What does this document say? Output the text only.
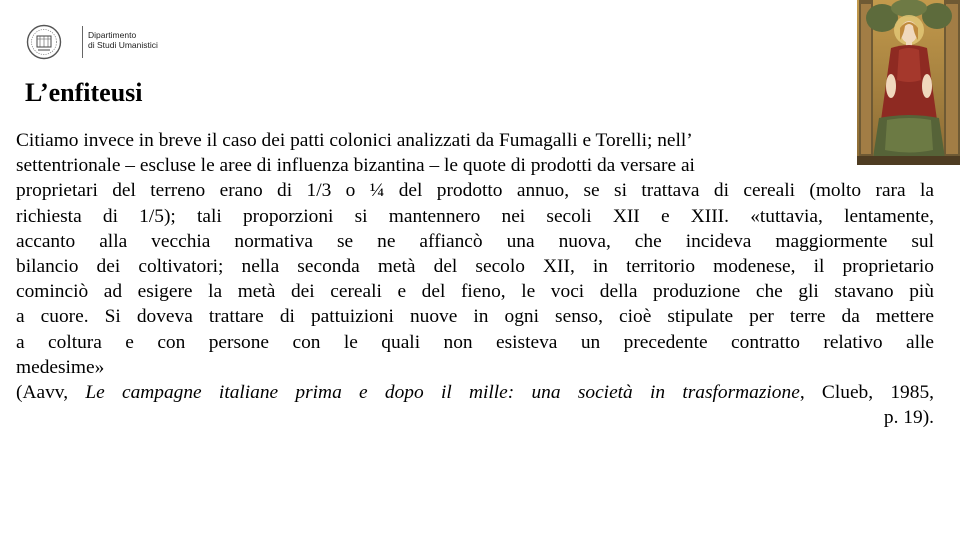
Dipartimento
di Studi Umanistici
L’enfiteusi
Citiamo invece in breve il caso dei patti colonici analizzati da Fumagalli e Torelli; nell’
settentrionale – escluse le aree di influenza bizantina – le quote di prodotti da versare ai
proprietari del terreno erano di 1/3 o ¼ del prodotto annuo, se si trattava di cereali (molto rara la
richiesta di 1/5); tali proporzioni si mantennero nei secoli XII e XIII. «tuttavia, lentamente,
accanto alla vecchia normativa se ne affiancò una nuova, che incideva maggiormente sul
bilancio dei coltivatori; nella seconda metà del secolo XII, in territorio modenese, il proprietario
cominciò ad esigere la metà dei cereali e del fieno, le voci della produzione che gli stavano più
a cuore. Si doveva trattare di pattuizioni nuove in ogni senso, cioè stipulate per terre da mettere
a coltura e con persone con le quali non esisteva un precedente contratto relativo alle
medesime»
(Aavv, Le campagne italiane prima e dopo il mille: una società in trasformazione, Clueb, 1985,
p. 19).
